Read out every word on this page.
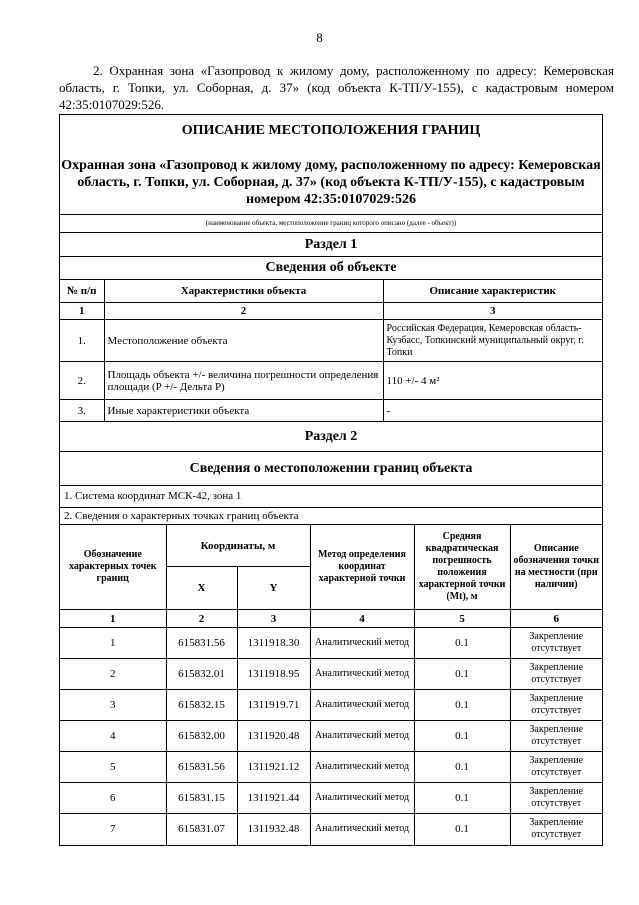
8
2. Охранная зона «Газопровод к жилому дому, расположенному по адресу: Кемеровская область, г. Топки, ул. Соборная, д. 37» (код объекта К-ТП/У-155), с кадастровым номером 42:35:0107029:526.
ОПИСАНИЕ МЕСТОПОЛОЖЕНИЯ ГРАНИЦ
Охранная зона «Газопровод к жилому дому, расположенному по адресу: Кемеровская область, г. Топки, ул. Соборная, д. 37» (код объекта К-ТП/У-155), с кадастровым номером 42:35:0107029:526
(наименование объекта, местоположение границ которого описано (далее - объект))
Раздел 1
Сведения об объекте
№ п/п	Характеристики объекта	Описание характеристик
1	2	3
1.	Местоположение объекта	Российская Федерация, Кемеровская область-Кузбасс, Топкинский муниципальный округ, г. Топки
2.	Площадь объекта +/- величина погрешности определения площади (P +/- Дельта P)	110 +/- 4 м²
3.	Иные характеристики объекта	-
Раздел 2
Сведения о местоположении границ объекта
1. Система координат МСК-42, зона 1
2. Сведения о характерных точках границ объекта
Обозначение характерных точек границ	Координаты, м		Метод определения координат характерной точки	Средняя квадратическая погрешность положения характерной точки (Mt), м	Описание обозначения точки на местности (при наличии)
	X	Y			
1	2	3	4	5	6
1	615831.56	1311918.30	Аналитический метод	0.1	Закрепление отсутствует
2	615832.01	1311918.95	Аналитический метод	0.1	Закрепление отсутствует
3	615832.15	1311919.71	Аналитический метод	0.1	Закрепление отсутствует
4	615832.00	1311920.48	Аналитический метод	0.1	Закрепление отсутствует
5	615831.56	1311921.12	Аналитический метод	0.1	Закрепление отсутствует
6	615831.15	1311921.44	Аналитический метод	0.1	Закрепление отсутствует
7	615831.07	1311932.48	Аналитический метод	0.1	Закрепление отсутствует
